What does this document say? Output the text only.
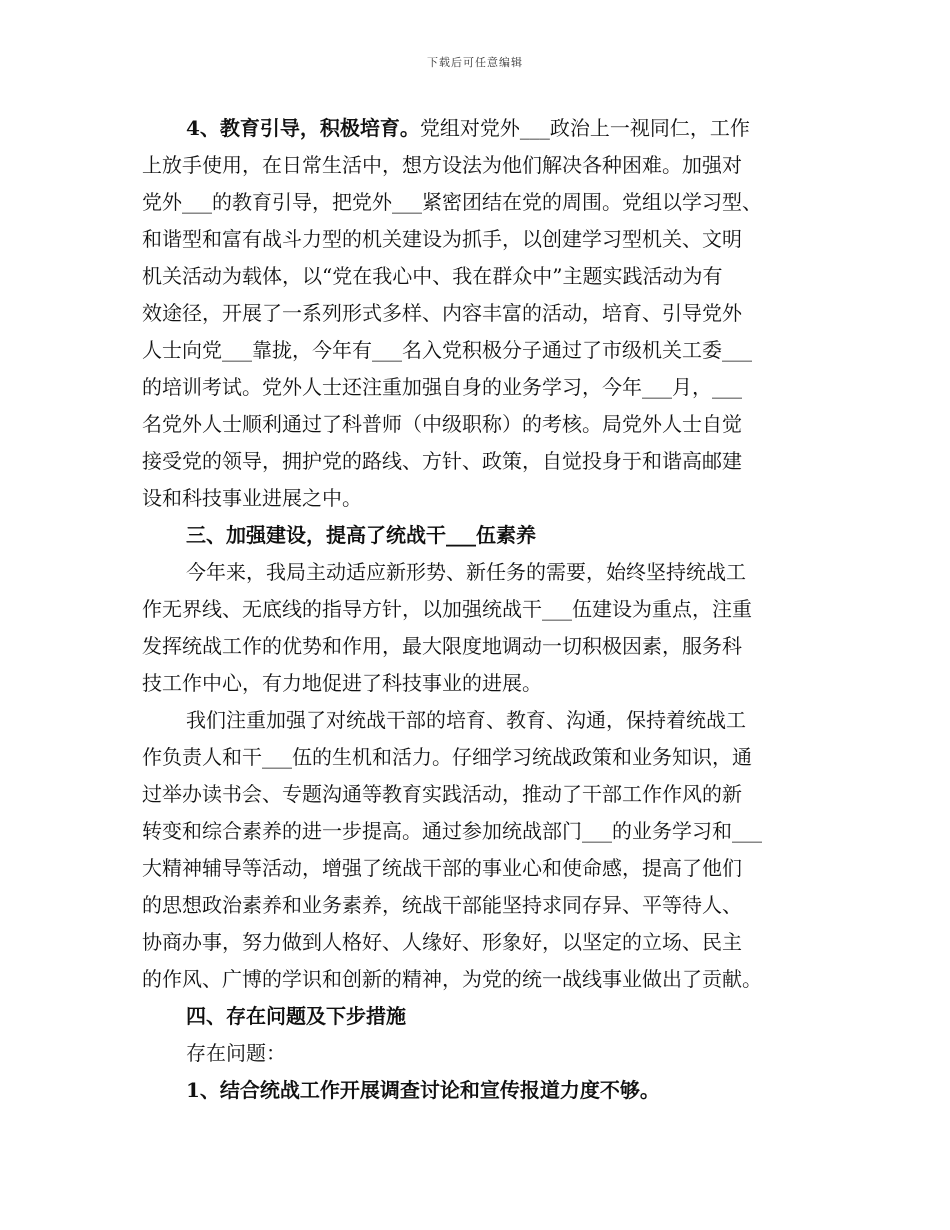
下载后可任意编辑
4、教育引导，积极培育。党组对党外___政治上一视同仁，工作
上放手使用，在日常生活中，想方设法为他们解决各种困难。加强对
党外___的教育引导，把党外___紧密团结在党的周围。党组以学习型、
和谐型和富有战斗力型的机关建设为抓手，以创建学习型机关、文明
机关活动为载体，以“党在我心中、我在群众中”主题实践活动为有
效途径，开展了一系列形式多样、内容丰富的活动，培育、引导党外
人士向党___靠拢，今年有___名入党积极分子通过了市级机关工委___
的培训考试。党外人士还注重加强自身的业务学习，今年___月，___
名党外人士顺利通过了科普师（中级职称）的考核。局党外人士自觉
接受党的领导，拥护党的路线、方针、政策，自觉投身于和谐高邮建
设和科技事业进展之中。
三、加强建设，提高了统战干___伍素养
今年来，我局主动适应新形势、新任务的需要，始终坚持统战工
作无界线、无底线的指导方针，以加强统战干___伍建设为重点，注重
发挥统战工作的优势和作用，最大限度地调动一切积极因素，服务科
技工作中心，有力地促进了科技事业的进展。
我们注重加强了对统战干部的培育、教育、沟通，保持着统战工
作负责人和干___伍的生机和活力。仔细学习统战政策和业务知识，通
过举办读书会、专题沟通等教育实践活动，推动了干部工作作风的新
转变和综合素养的进一步提高。通过参加统战部门___的业务学习和___
大精神辅导等活动，增强了统战干部的事业心和使命感，提高了他们
的思想政治素养和业务素养，统战干部能坚持求同存异、平等待人、
协商办事，努力做到人格好、人缘好、形象好，以坚定的立场、民主
的作风、广博的学识和创新的精神，为党的统一战线事业做出了贡献。
四、存在问题及下步措施
存在问题：
1、结合统战工作开展调查讨论和宣传报道力度不够。
